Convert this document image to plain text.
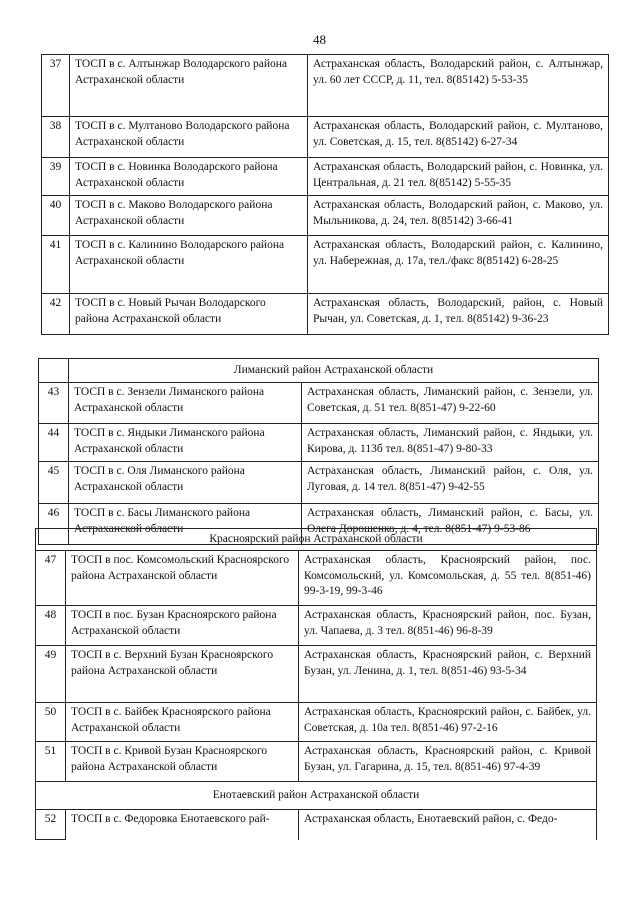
48
37	ТОСП в с. Алтынжар Володарского района Астраханской области	Астраханская область, Володарский район, с. Алтынжар, ул. 60 лет СССР, д. 11, тел. 8(85142) 5-53-35
38	ТОСП в с. Мултаново Володарского района Астраханской области	Астраханская область, Володарский район, с. Мултаново, ул. Советская, д. 15, тел. 8(85142) 6-27-34
39	ТОСП в с. Новинка Володарского района Астраханской области	Астраханская область, Володарский район, с. Новинка, ул. Центральная, д. 21 тел. 8(85142) 5-55-35
40	ТОСП в с. Маково Володарского района Астраханской области	Астраханская область, Володарский район, с. Маково, ул. Мыльникова, д. 24, тел. 8(85142) 3-66-41
41	ТОСП в с. Калинино Володарского района Астраханской области	Астраханская область, Володарский район, с. Калинино, ул. Набережная, д. 17а, тел./факс 8(85142) 6-28-25
42	ТОСП в с. Новый Рычан Володарского района Астраханской области	Астраханская область, Володарский, район, с. Новый Рычан, ул. Советская, д. 1, тел. 8(85142) 9-36-23
	Лиманский район Астраханской области	
43	ТОСП в с. Зензели Лиманского района Астраханской области	Астраханская область, Лиманский район, с. Зензели, ул. Советская, д. 51 тел. 8(851-47) 9-22-60
44	ТОСП в с. Яндыки Лиманского района Астраханской области	Астраханская область, Лиманский район, с. Яндыки, ул. Кирова, д. 113б тел. 8(851-47) 9-80-33
45	ТОСП в с. Оля Лиманского района Астраханской области	Астраханская область, Лиманский район, с. Оля, ул. Луговая, д. 14 тел. 8(851-47) 9-42-55
46	ТОСП в с. Басы Лиманского района Астраханской области	Астраханская область, Лиманский район, с. Басы, ул. Олега Дорошенко, д. 4, тел. 8(851-47) 9-53-86
Красноярский район Астраханской области		
47	ТОСП в пос. Комсомольский Красноярского района Астраханской области	Астраханская область, Красноярский район, пос. Комсомольский, ул. Комсомольская, д. 55 тел. 8(851-46) 99-3-19, 99-3-46
48	ТОСП в пос. Бузан Красноярского района Астраханской области	Астраханская область, Красноярский район, пос. Бузан, ул. Чапаева, д. 3 тел. 8(851-46) 96-8-39
49	ТОСП в с. Верхний Бузан Красноярского района Астраханской области	Астраханская область, Красноярский район, с. Верхний Бузан, ул. Ленина, д. 1, тел. 8(851-46) 93-5-34
50	ТОСП в с. Байбек Красноярского района Астраханской области	Астраханская область, Красноярский район, с. Байбек, ул. Советская, д. 10а тел. 8(851-46) 97-2-16
51	ТОСП в с. Кривой Бузан Красноярского района Астраханской области	Астраханская область, Красноярский район, с. Кривой Бузан, ул. Гагарина, д. 15, тел. 8(851-46) 97-4-39
Енотаевский район Астраханской области		
52	ТОСП в с. Федоровка Енотаевского рай-	Астраханская область, Енотаевский район, с. Федо-
